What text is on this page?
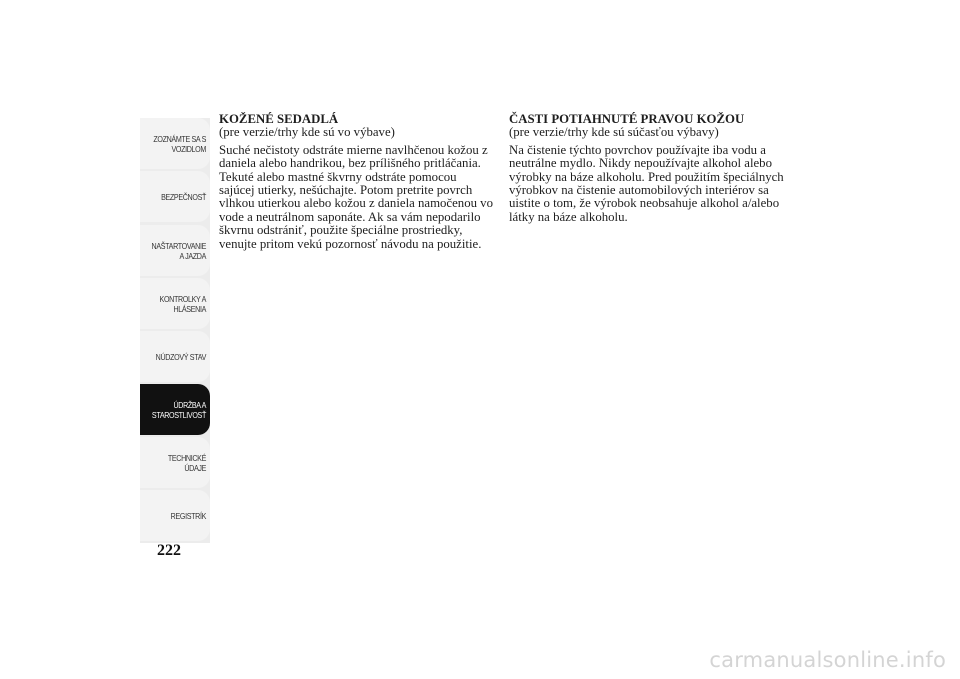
ZOZNÁMTE SA S
VOZIDLOM
BEZPEČNOSŤ
NAŠTARTOVANIE
A JAZDA
KONTROLKY A
HLÁSENIA
NÚDZOVÝ STAV
ÚDRŽBA A
STAROSTLIVOSŤ
TECHNICKÉ
ÚDAJE
REGISTRÍK
222

KOŽENÉ SEDADLÁ

(pre verzie/trhy kde sú vo výbave)

Suché nečistoty odstráte mierne navlhčenou kožou z daniela alebo handrikou, bez prílišného pritláčania. Tekuté alebo mastné škvrny odstráte pomocou sajúcej utierky, nešúchajte. Potom pretrite povrch vlhkou utierkou alebo kožou z daniela namočenou vo vode a neutrálnom saponáte. Ak sa vám nepodarilo škvrnu odstrániť, použite špeciálne prostriedky, venujte pritom vekú pozornosť návodu na použitie.

ČASTI POTIAHNUTÉ PRAVOU KOŽOU

(pre verzie/trhy kde sú súčasťou výbavy)

Na čistenie týchto povrchov používajte iba vodu a neutrálne mydlo. Nikdy nepoužívajte alkohol alebo výrobky na báze alkoholu. Pred použitím špeciálnych výrobkov na čistenie automobilových interiérov sa uistite o tom, že výrobok neobsahuje alkohol a/alebo látky na báze alkoholu.

carmanualsonline.info
